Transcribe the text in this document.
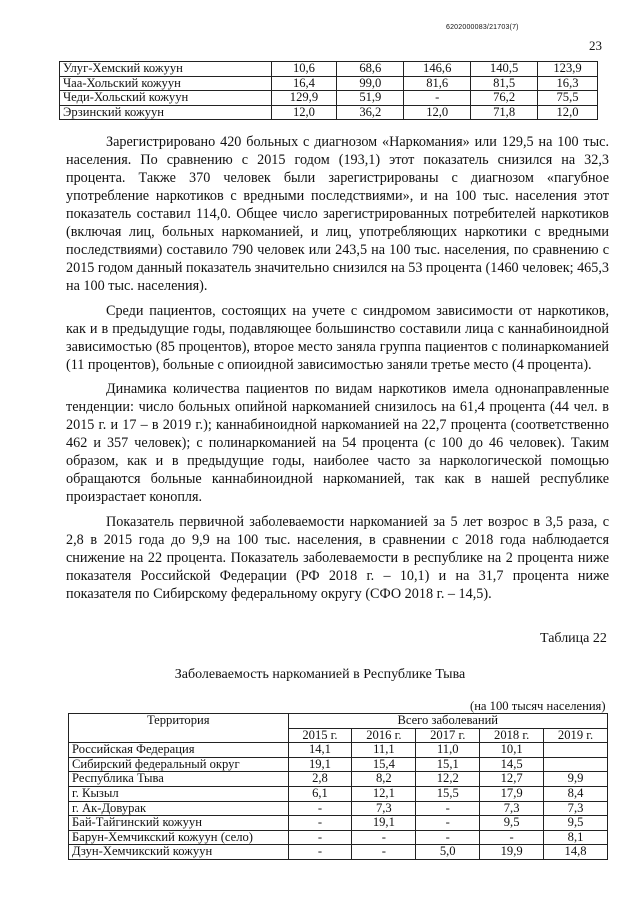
6202000083/21703(7)
23
Улуг-Хемский кожуун	10,6	68,6	146,6	140,5	123,9
Чаа-Хольский кожуун	16,4	99,0	81,6	81,5	16,3
Чеди-Хольский кожуун	129,9	51,9	-	76,2	75,5
Эрзинский кожуун	12,0	36,2	12,0	71,8	12,0

Зарегистрировано 420 больных с диагнозом «Наркомания» или 129,5 на 100 тыс. населения. По сравнению с 2015 годом (193,1) этот показатель снизился на 32,3 процента. Также 370 человек были зарегистрированы с диагнозом «пагубное употребление наркотиков с вредными последствиями», и на 100 тыс. населения этот показатель составил 114,0. Общее число зарегистрированных потребителей наркотиков (включая лиц, больных наркоманией, и лиц, употребляющих наркотики с вредными последствиями) составило 790 человек или 243,5 на 100 тыс. населения, по сравнению с 2015 годом данный показатель значительно снизился на 53 процента (1460 человек; 465,3 на 100 тыс. населения).

Среди пациентов, состоящих на учете с синдромом зависимости от наркотиков, как и в предыдущие годы, подавляющее большинство составили лица с каннабиноидной зависимостью (85 процентов), второе место заняла группа пациентов с полинаркоманией (11 процентов), больные с опиоидной зависимостью заняли третье место (4 процента).

Динамика количества пациентов по видам наркотиков имела однонаправленные тенденции: число больных опийной наркоманией снизилось на 61,4 процента (44 чел. в 2015 г. и 17 – в 2019 г.); каннабиноидной наркоманией на 22,7 процента (соответственно 462 и 357 человек); с полинаркоманией на 54 процента (с 100 до 46 человек). Таким образом, как и в предыдущие годы, наиболее часто за наркологической помощью обращаются больные каннабиноидной наркоманией, так как в нашей республике произрастает конопля.

Показатель первичной заболеваемости наркоманией за 5 лет возрос в 3,5 раза, с 2,8 в 2015 года до 9,9 на 100 тыс. населения, в сравнении с 2018 года наблюдается снижение на 22 процента. Показатель заболеваемости в республике на 2 процента ниже показателя Российской Федерации (РФ 2018 г. – 10,1) и на 31,7 процента ниже показателя по Сибирскому федеральному округу (СФО 2018 г. – 14,5).

Таблица 22
Заболеваемость наркоманией в Республике Тыва
(на 100 тысяч населения)
Территория	Всего заболеваний				
	2015 г.	2016 г.	2017 г.	2018 г.	2019 г.
Российская Федерация	14,1	11,1	11,0	10,1	
Сибирский федеральный округ	19,1	15,4	15,1	14,5	
Республика Тыва	2,8	8,2	12,2	12,7	9,9
г. Кызыл	6,1	12,1	15,5	17,9	8,4
г. Ак-Довурак	-	7,3	-	7,3	7,3
Бай-Тайгинский кожуун	-	19,1	-	9,5	9,5
Барун-Хемчикский кожуун (село)	-	-	-	-	8,1
Дзун-Хемчикский кожуун	-	-	5,0	19,9	14,8
